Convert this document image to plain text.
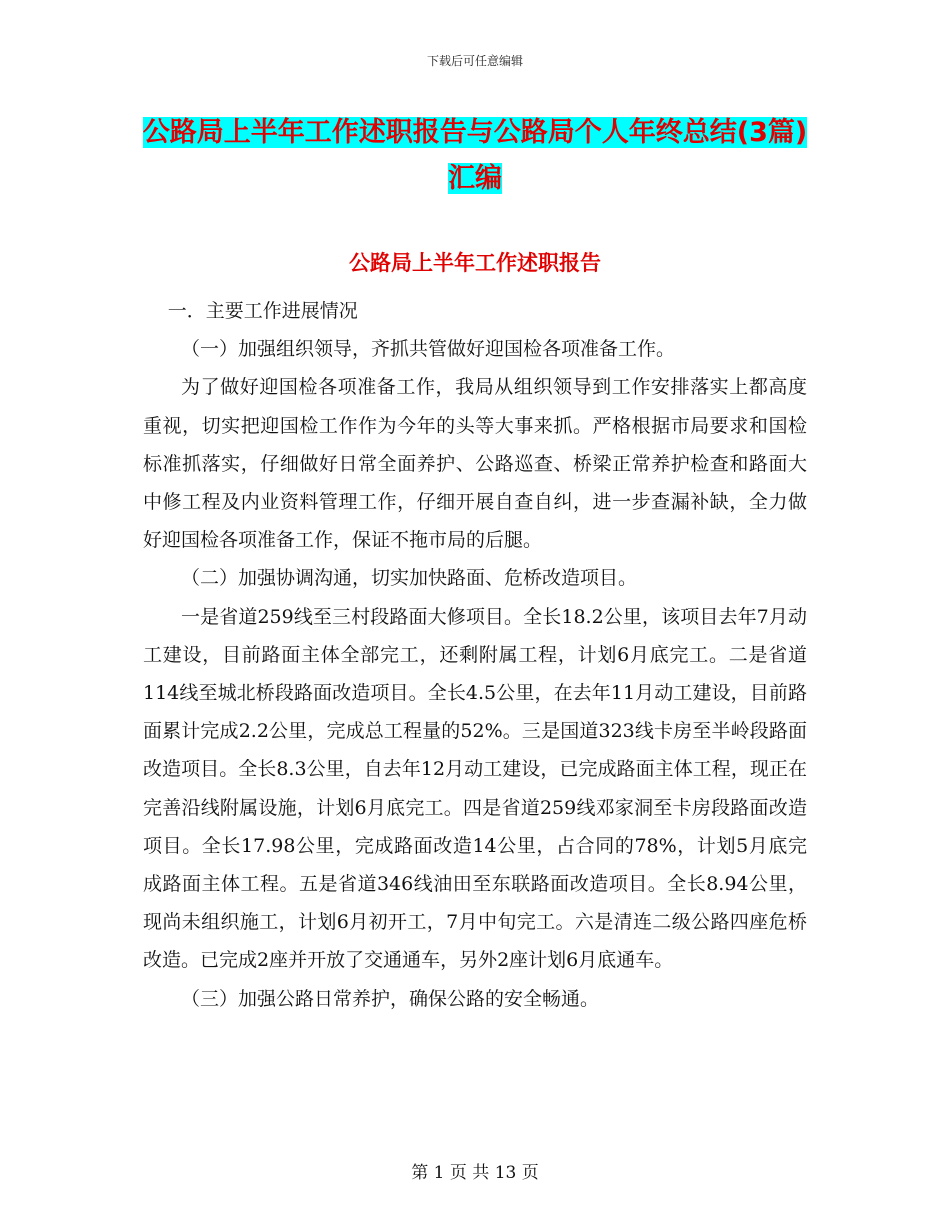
下载后可任意编辑
公路局上半年工作述职报告与公路局个人年终总结(3篇)汇编
公路局上半年工作述职报告

一．主要工作进展情况

（一）加强组织领导，齐抓共管做好迎国检各项准备工作。

为了做好迎国检各项准备工作，我局从组织领导到工作安排落实上都高度重视，切实把迎国检工作作为今年的头等大事来抓。严格根据市局要求和国检标准抓落实，仔细做好日常全面养护、公路巡查、桥梁正常养护检查和路面大中修工程及内业资料管理工作，仔细开展自查自纠，进一步查漏补缺，全力做好迎国检各项准备工作，保证不拖市局的后腿。

（二）加强协调沟通，切实加快路面、危桥改造项目。

一是省道259线至三村段路面大修项目。全长18.2公里，该项目去年7月动工建设，目前路面主体全部完工，还剩附属工程，计划6月底完工。二是省道114线至城北桥段路面改造项目。全长4.5公里，在去年11月动工建设，目前路面累计完成2.2公里，完成总工程量的52%。三是国道323线卡房至半岭段路面改造项目。全长8.3公里，自去年12月动工建设，已完成路面主体工程，现正在完善沿线附属设施，计划6月底完工。四是省道259线邓家洞至卡房段路面改造项目。全长17.98公里，完成路面改造14公里，占合同的78%，计划5月底完成路面主体工程。五是省道346线油田至东联路面改造项目。全长8.94公里，现尚未组织施工，计划6月初开工，7月中旬完工。六是清连二级公路四座危桥改造。已完成2座并开放了交通通车，另外2座计划6月底通车。

（三）加强公路日常养护，确保公路的安全畅通。

第 1 页 共 13 页
